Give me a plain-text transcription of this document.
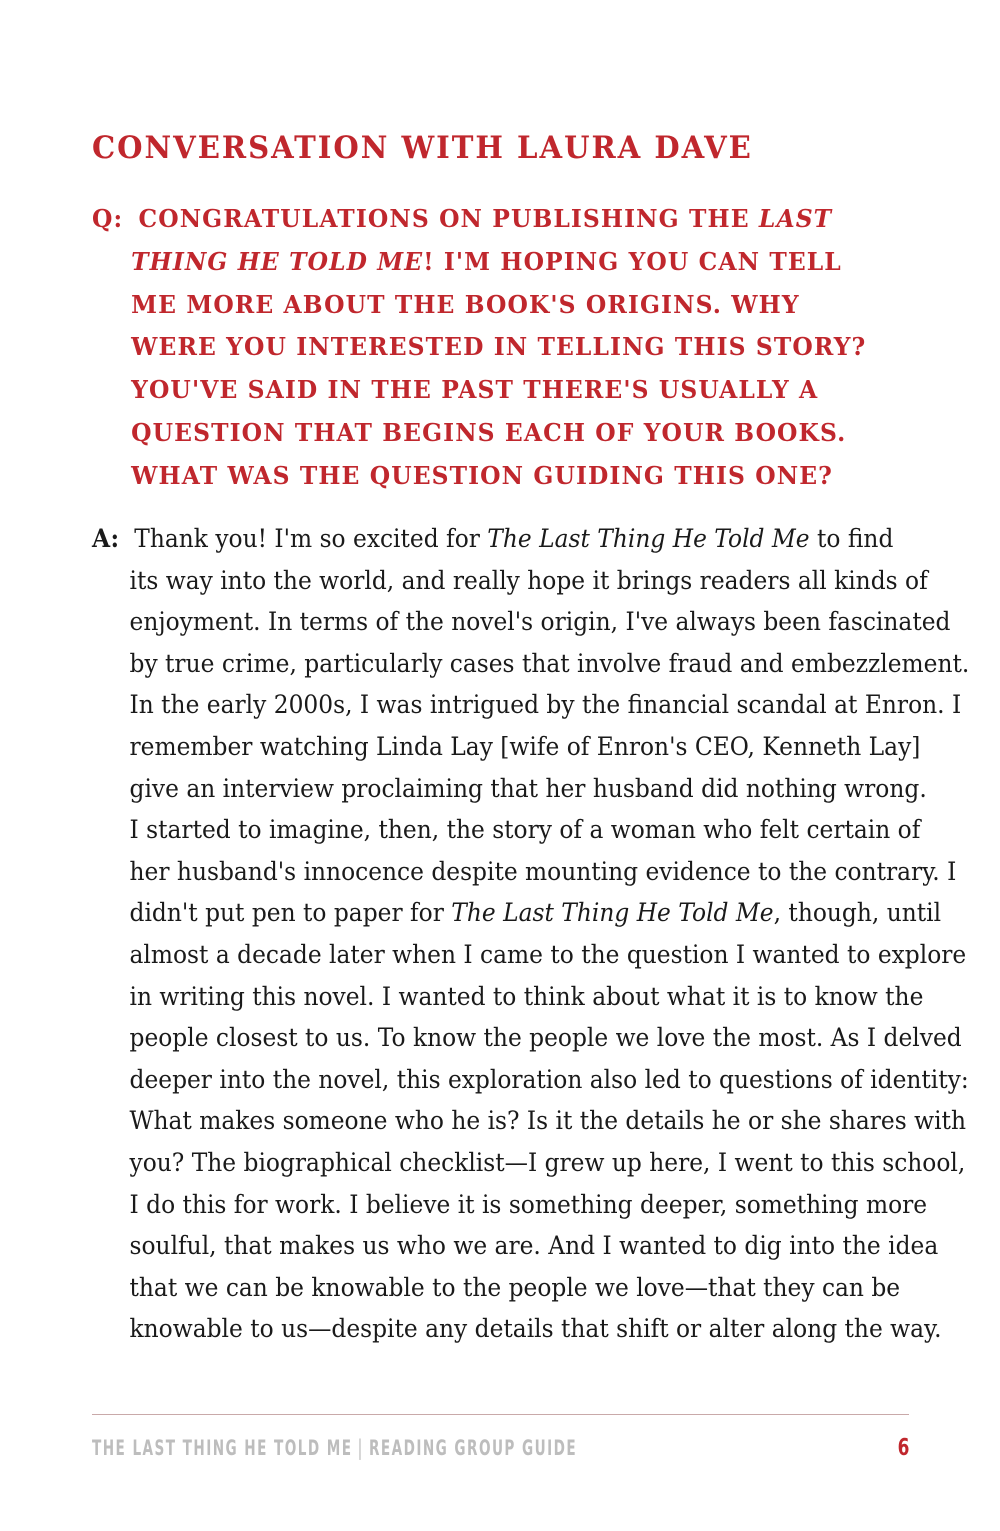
CONVERSATION WITH LAURA DAVE
Q: CONGRATULATIONS ON PUBLISHING THE LAST
THING HE TOLD ME! I'M HOPING YOU CAN TELL
ME MORE ABOUT THE BOOK'S ORIGINS. WHY
WERE YOU INTERESTED IN TELLING THIS STORY?
YOU'VE SAID IN THE PAST THERE'S USUALLY A
QUESTION THAT BEGINS EACH OF YOUR BOOKS.
WHAT WAS THE QUESTION GUIDING THIS ONE?
A: Thank you! I'm so excited for The Last Thing He Told Me to find
its way into the world, and really hope it brings readers all kinds of
enjoyment. In terms of the novel's origin, I've always been fascinated
by true crime, particularly cases that involve fraud and embezzlement.
In the early 2000s, I was intrigued by the financial scandal at Enron. I
remember watching Linda Lay [wife of Enron's CEO, Kenneth Lay]
give an interview proclaiming that her husband did nothing wrong.
I started to imagine, then, the story of a woman who felt certain of
her husband's innocence despite mounting evidence to the contrary. I
didn't put pen to paper for The Last Thing He Told Me, though, until
almost a decade later when I came to the question I wanted to explore
in writing this novel. I wanted to think about what it is to know the
people closest to us. To know the people we love the most. As I delved
deeper into the novel, this exploration also led to questions of identity:
What makes someone who he is? Is it the details he or she shares with
you? The biographical checklist—I grew up here, I went to this school,
I do this for work. I believe it is something deeper, something more
soulful, that makes us who we are. And I wanted to dig into the idea
that we can be knowable to the people we love—that they can be
knowable to us—despite any details that shift or alter along the way.
THE LAST THING HE TOLD ME | READING GROUP GUIDE	6
